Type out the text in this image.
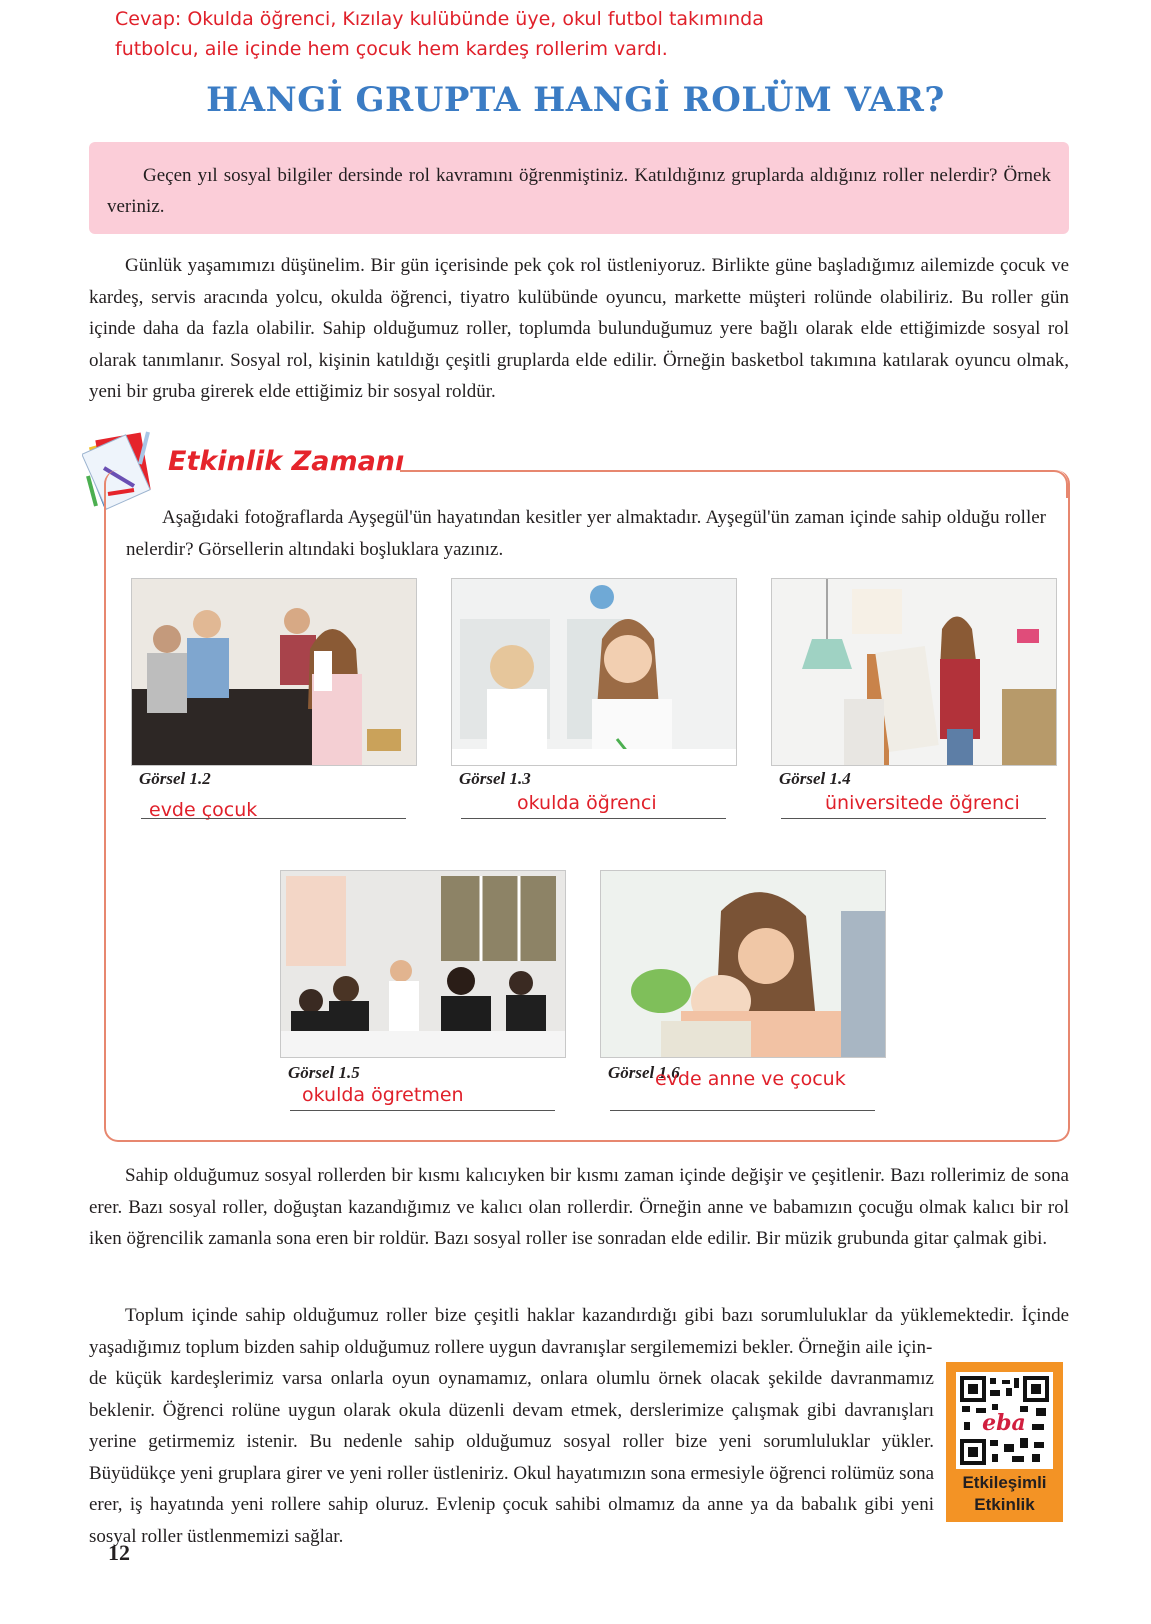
Cevap: Okulda öğrenci, Kızılay kulübünde üye, okul futbol takımında
futbolcu, aile içinde hem çocuk hem kardeş rollerim vardı.
HANGİ GRUPTA HANGİ ROLÜM VAR?
Geçen yıl sosyal bilgiler dersinde rol kavramını öğrenmiştiniz. Katıldığınız gruplarda aldığınız roller nelerdir? Örnek veriniz.
Günlük yaşamımızı düşünelim. Bir gün içerisinde pek çok rol üstleniyoruz. Birlikte güne başladığımız ailemizde çocuk ve kardeş, servis aracında yolcu, okulda öğrenci, tiyatro kulübünde oyuncu, markette müşteri rolünde olabiliriz. Bu roller gün içinde daha da fazla olabilir. Sahip olduğumuz roller, toplumda bulunduğumuz yere bağlı olarak elde ettiğimizde sosyal rol olarak tanımlanır. Sosyal rol, kişinin katıldığı çeşitli gruplarda elde edilir. Örneğin basketbol takımına katılarak oyuncu olmak, yeni bir gruba girerek elde ettiğimiz bir sosyal roldür.
Etkinlik Zamanı
Aşağıdaki fotoğraflarda Ayşegül'ün hayatından kesitler yer almaktadır. Ayşegül'ün zaman içinde sahip olduğu roller nelerdir? Görsellerin altındaki boşluklara yazınız.
Görsel 1.2	Görsel 1.3	Görsel 1.4
evde çocuk	okulda öğrenci	üniversitede öğrenci
Görsel 1.5	Görsel 1.6
okulda ögretmen
evde anne ve çocuk
Sahip olduğumuz sosyal rollerden bir kısmı kalıcıyken bir kısmı zaman içinde değişir ve çeşitlenir. Bazı rollerimiz de sona erer. Bazı sosyal roller, doğuştan kazandığımız ve kalıcı olan rollerdir. Örneğin anne ve babamızın çocuğu olmak kalıcı bir rol iken öğrencilik zamanla sona eren bir roldür. Bazı sosyal roller ise sonradan elde edilir. Bir müzik grubunda gitar çalmak gibi.
Toplum içinde sahip olduğumuz roller bize çeşitli haklar kazandırdığı gibi bazı sorumluluklar da yüklemektedir. İçinde yaşadığımız toplum bizden sahip olduğumuz rollere uygun davranışlar sergilememizi bekler. Örneğin aile için-
de küçük kardeşlerimiz varsa onlarla oyun oynamamız, onlara olumlu örnek olacak şekilde davranmamız beklenir. Öğrenci rolüne uygun olarak okula düzenli devam etmek, derslerimize çalışmak gibi davranışları yerine getirmemiz istenir. Bu nedenle sahip olduğumuz sosyal roller bize yeni sorumluluklar yükler. Büyüdükçe yeni gruplara girer ve yeni roller üstleniriz. Okul hayatımızın sona ermesiyle öğrenci rolümüz sona erer, iş hayatında yeni rollere sahip oluruz. Evlenip çocuk sahibi olmamız da anne ya da babalık gibi yeni sosyal roller üstlenmemizi sağlar.
eba
Etkileşimli
Etkinlik
12
